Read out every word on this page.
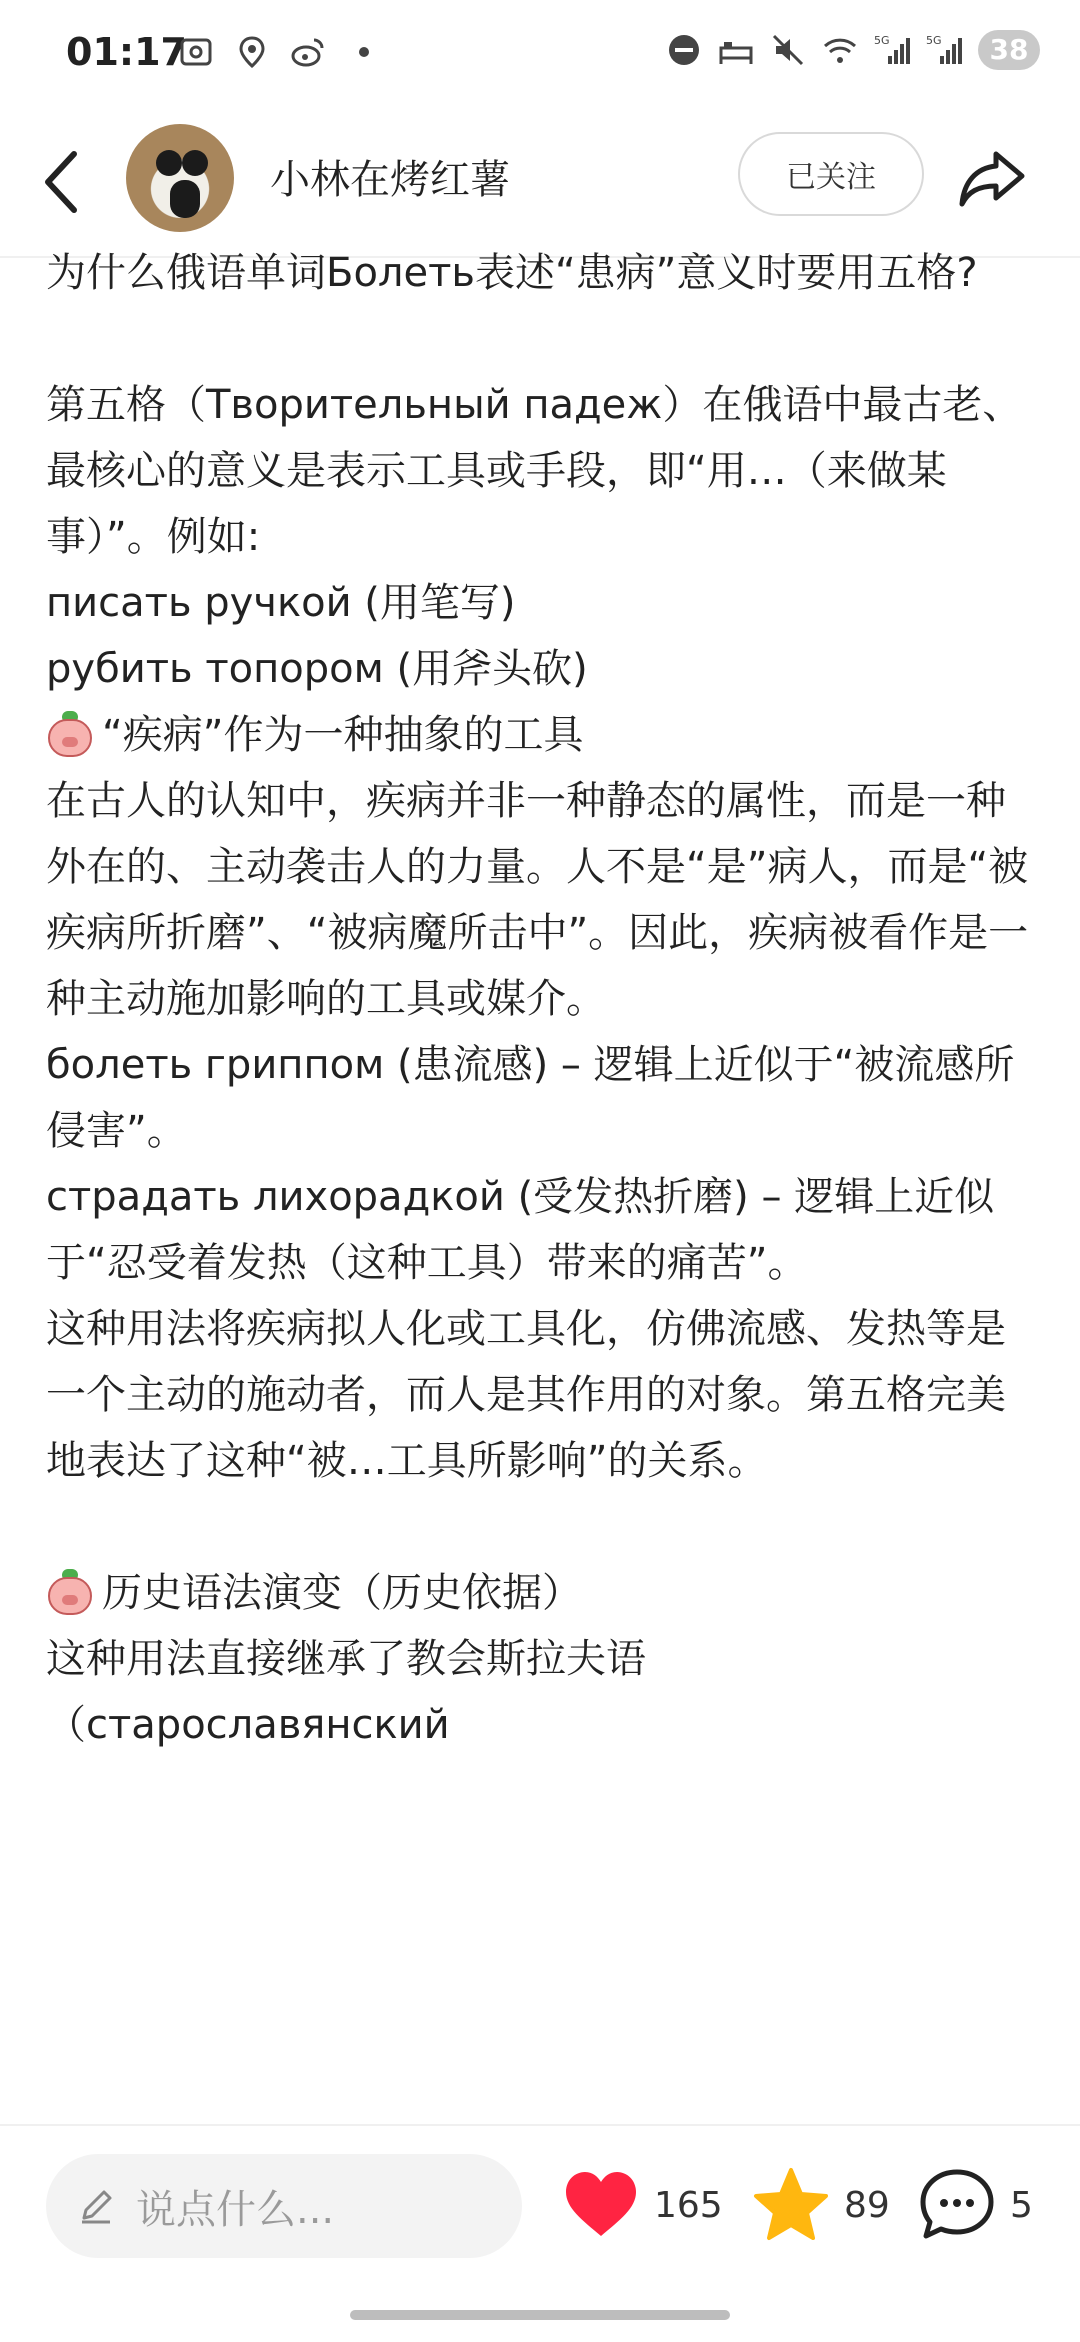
01:17	5G	5G	38
小林在烤红薯	已关注

为什么俄语单词Болеть表述“患病”意义时要用五格?

第五格（Творительный падеж）在俄语中最古老、最核心的意义是表示工具或手段，即“用…（来做某事）”。例如:

писать ручкой (用笔写)

рубить топором (用斧头砍)

“疾病”作为一种抽象的工具

在古人的认知中，疾病并非一种静态的属性，而是一种外在的、主动袭击人的力量。人不是“是”病人，而是“被疾病所折磨”、“被病魔所击中”。因此，疾病被看作是一种主动施加影响的工具或媒介。

болеть гриппом (患流感) – 逻辑上近似于“被流感所侵害”。

страдать лихорадкой (受发热折磨) – 逻辑上近似于“忍受着发热（这种工具）带来的痛苦”。

这种用法将疾病拟人化或工具化，仿佛流感、发热等是一个主动的施动者，而人是其作用的对象。第五格完美地表达了这种“被…工具所影响”的关系。

历史语法演变（历史依据）

这种用法直接继承了教会斯拉夫语（старославянский

说点什么...	165	89	5
